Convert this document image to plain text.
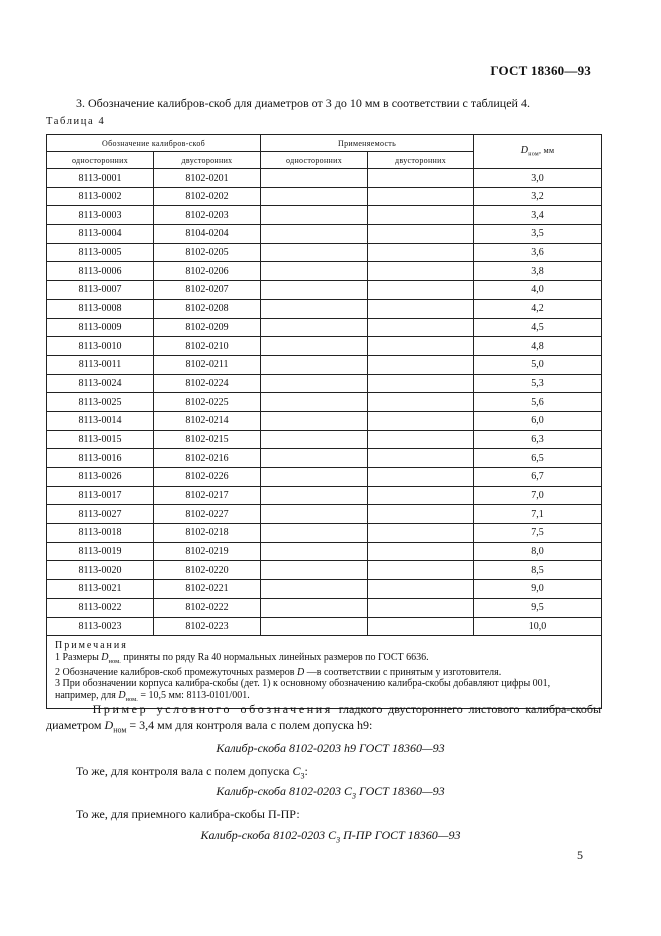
ГОСТ 18360—93
3. Обозначение калибров-скоб для диаметров от 3 до 10 мм в соответствии с таблицей 4.
Таблица 4
Обозначение калибров-скоб		Применяемость		$D_{ном}$, мм
односторонних	двусторонних	односторонних	двусторонних	
8113-0001	8102-0201			3,0
8113-0002	8102-0202			3,2
8113-0003	8102-0203			3,4
8113-0004	8104-0204			3,5
8113-0005	8102-0205			3,6
8113-0006	8102-0206			3,8
8113-0007	8102-0207			4,0
8113-0008	8102-0208			4,2
8113-0009	8102-0209			4,5
8113-0010	8102-0210			4,8
8113-0011	8102-0211			5,0
8113-0024	8102-0224			5,3
8113-0025	8102-0225			5,6
8113-0014	8102-0214			6,0
8113-0015	8102-0215			6,3
8113-0016	8102-0216			6,5
8113-0026	8102-0226			6,7
8113-0017	8102-0217			7,0
8113-0027	8102-0227			7,1
8113-0018	8102-0218			7,5
8113-0019	8102-0219			8,0
8113-0020	8102-0220			8,5
8113-0021	8102-0221			9,0
8113-0022	8102-0222			9,5
8113-0023	8102-0223			10,0

Примечания
1 Размеры $D_{ном.}$ приняты по ряду Ra 40 нормальных линейных размеров по ГОСТ 6636.
2 Обозначение калибров-скоб промежуточных размеров D —в соответствии с принятым у изготовителя.
3 При обозначении корпуса калибра-скобы (дет. 1) к основному обозначению калибра-скобы добавляют цифры 001, например, для $D_{ном.} = 10,5$ мм: 8113-0101/001.				
Пример условного обозначения гладкого двустороннего листового калибра-скобы диаметром $D_{ном} = 3,4$ мм для контроля вала с полем допуска h9:
Калибр-скоба 8102-0203 h9 ГОСТ 18360—93
То же, для контроля вала с полем допуска $C_3$:
Калибр-скоба 8102-0203 $C_3$ ГОСТ 18360—93
То же, для приемного калибра-скобы П-ПР:
Калибр-скоба 8102-0203 $C_3$ П-ПР ГОСТ 18360—93
5
